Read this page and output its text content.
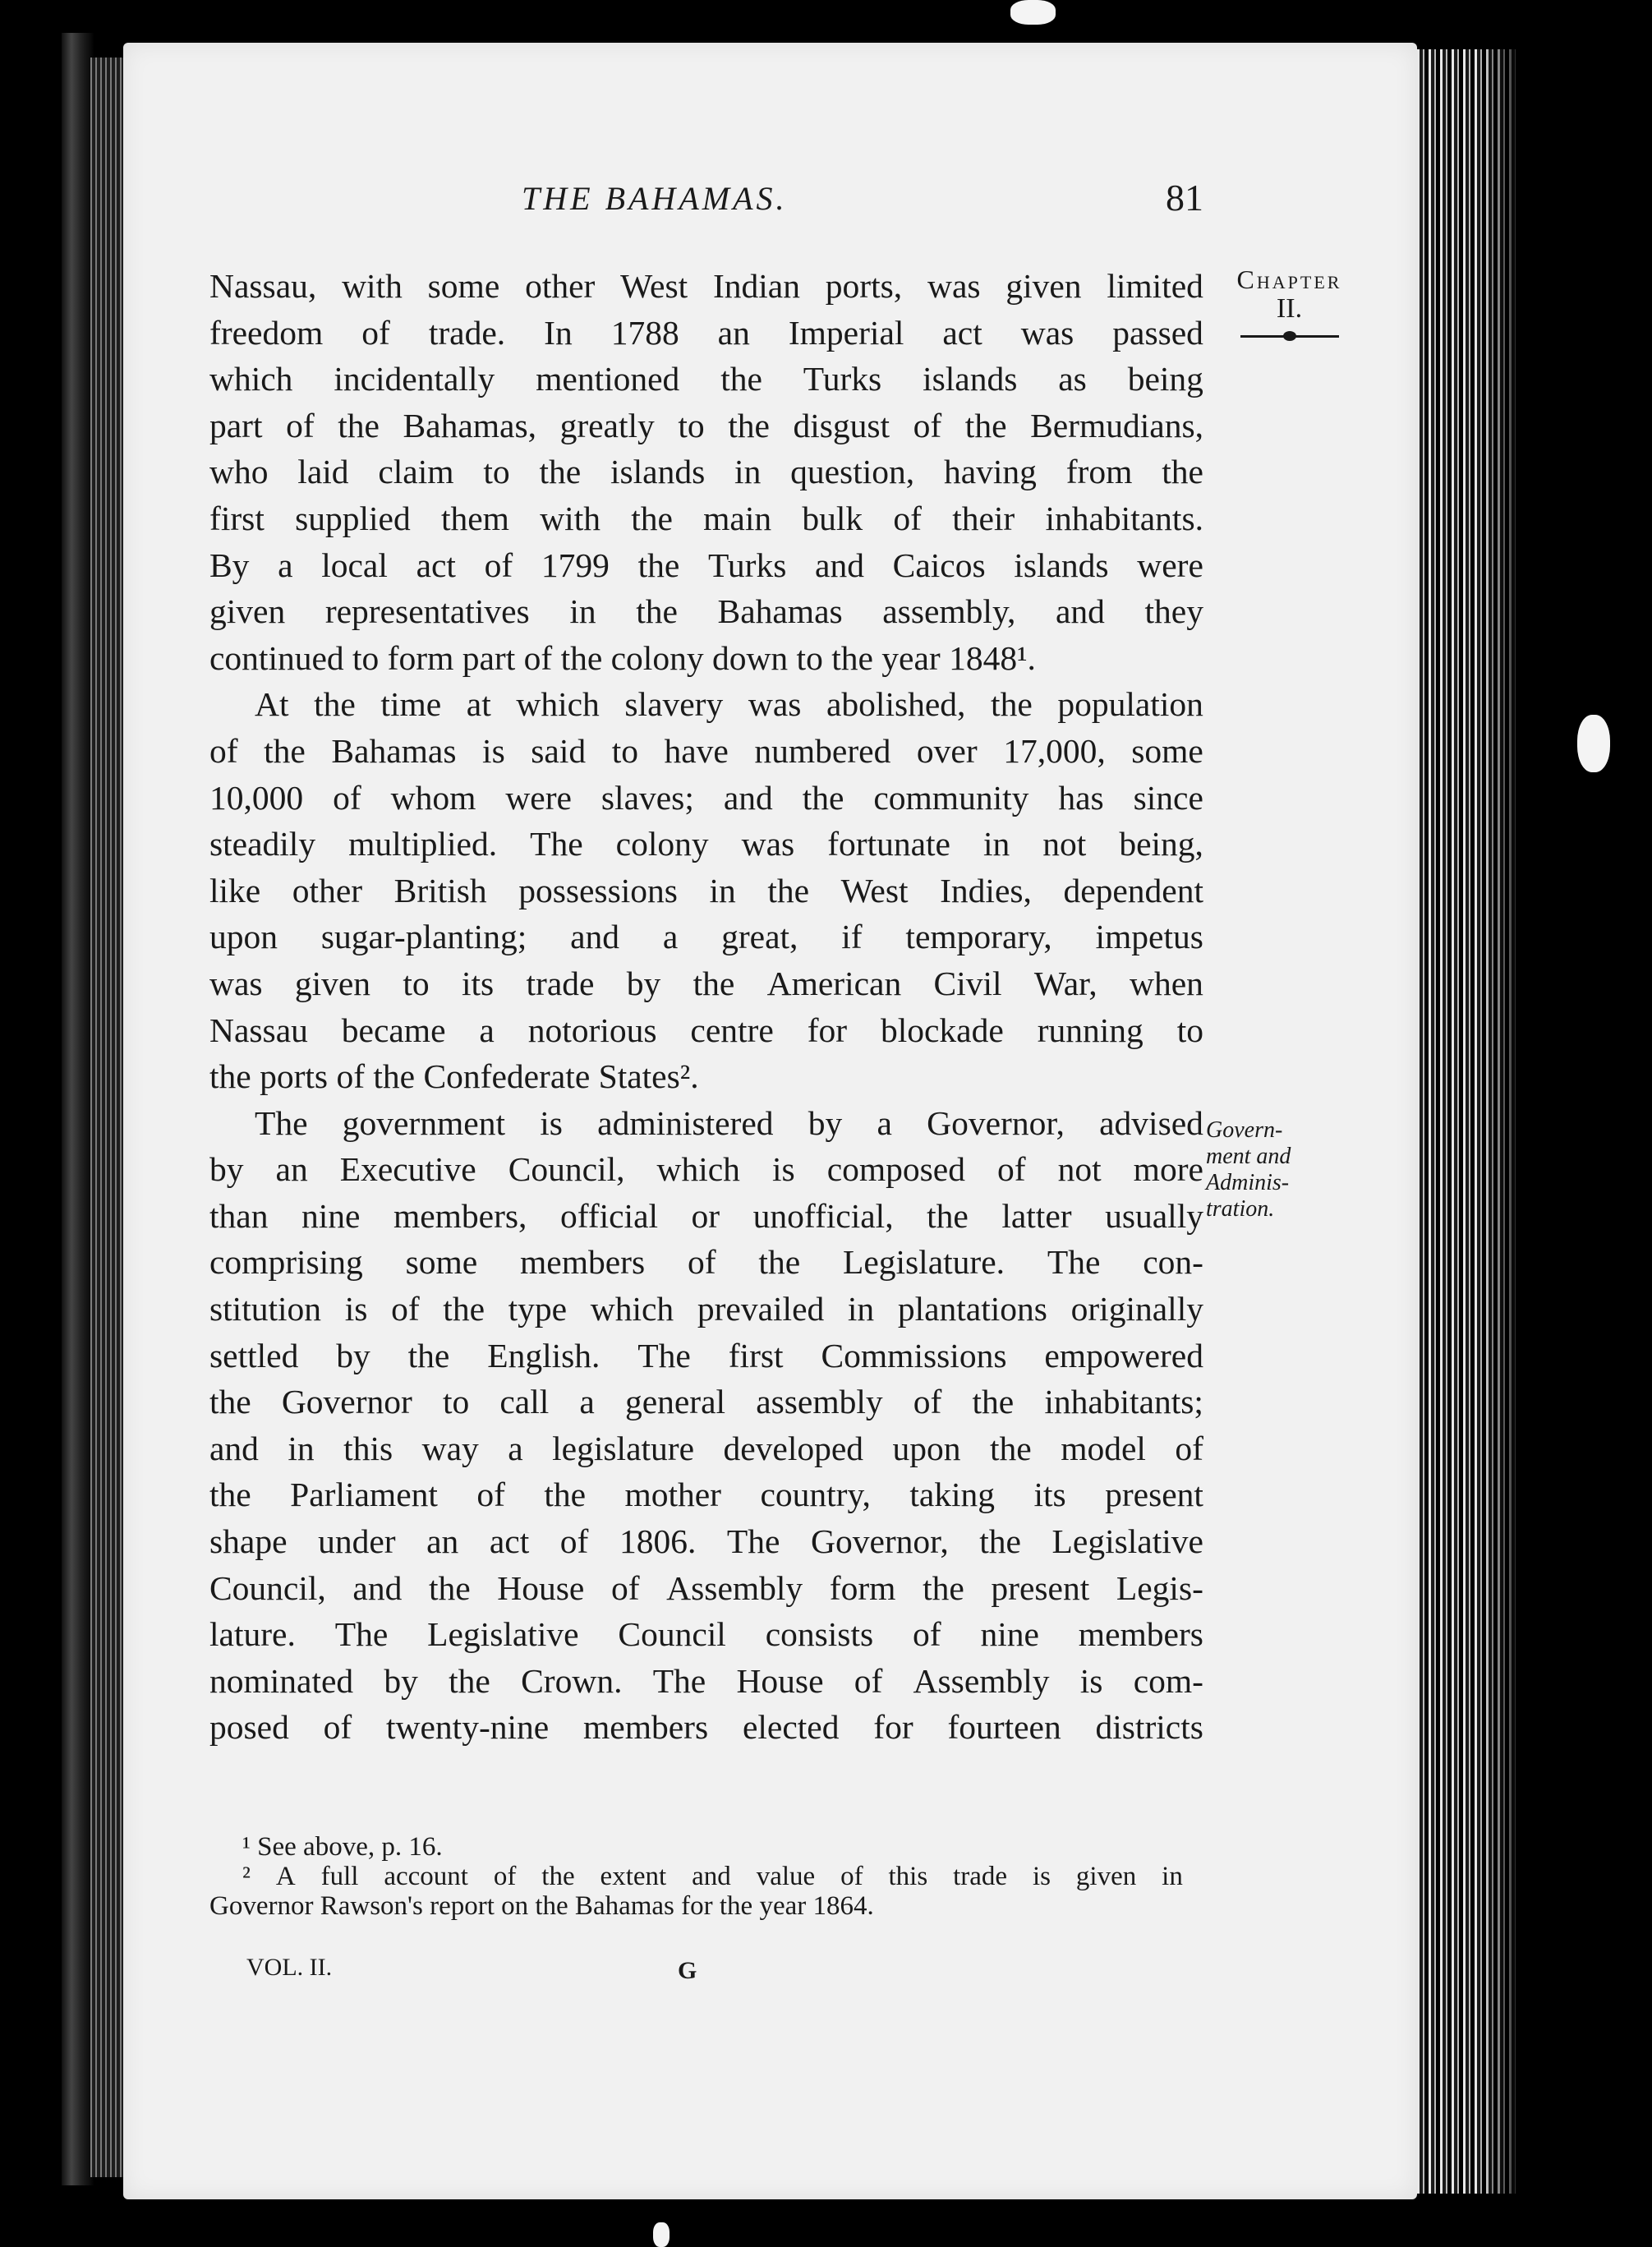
THE BAHAMAS.	81
Chapter
II.
Govern-
ment and
Adminis-
tration.
Nassau, with some other West Indian ports, was given limited
freedom of trade. In 1788 an Imperial act was passed
which incidentally mentioned the Turks islands as being
part of the Bahamas, greatly to the disgust of the Bermudians,
who laid claim to the islands in question, having from the
first supplied them with the main bulk of their inhabitants.
By a local act of 1799 the Turks and Caicos islands were
given representatives in the Bahamas assembly, and they
continued to form part of the colony down to the year 1848¹.
At the time at which slavery was abolished, the population
of the Bahamas is said to have numbered over 17,000, some
10,000 of whom were slaves; and the community has since
steadily multiplied. The colony was fortunate in not being,
like other British possessions in the West Indies, dependent
upon sugar-planting; and a great, if temporary, impetus
was given to its trade by the American Civil War, when
Nassau became a notorious centre for blockade running to
the ports of the Confederate States².
The government is administered by a Governor, advised
by an Executive Council, which is composed of not more
than nine members, official or unofficial, the latter usually
comprising some members of the Legislature. The con-
stitution is of the type which prevailed in plantations originally
settled by the English. The first Commissions empowered
the Governor to call a general assembly of the inhabitants;
and in this way a legislature developed upon the model of
the Parliament of the mother country, taking its present
shape under an act of 1806. The Governor, the Legislative
Council, and the House of Assembly form the present Legis-
lature. The Legislative Council consists of nine members
nominated by the Crown. The House of Assembly is com-
posed of twenty-nine members elected for fourteen districts
¹ See above, p. 16.
² A full account of the extent and value of this trade is given in
Governor Rawson's report on the Bahamas for the year 1864.
VOL. II.	G
